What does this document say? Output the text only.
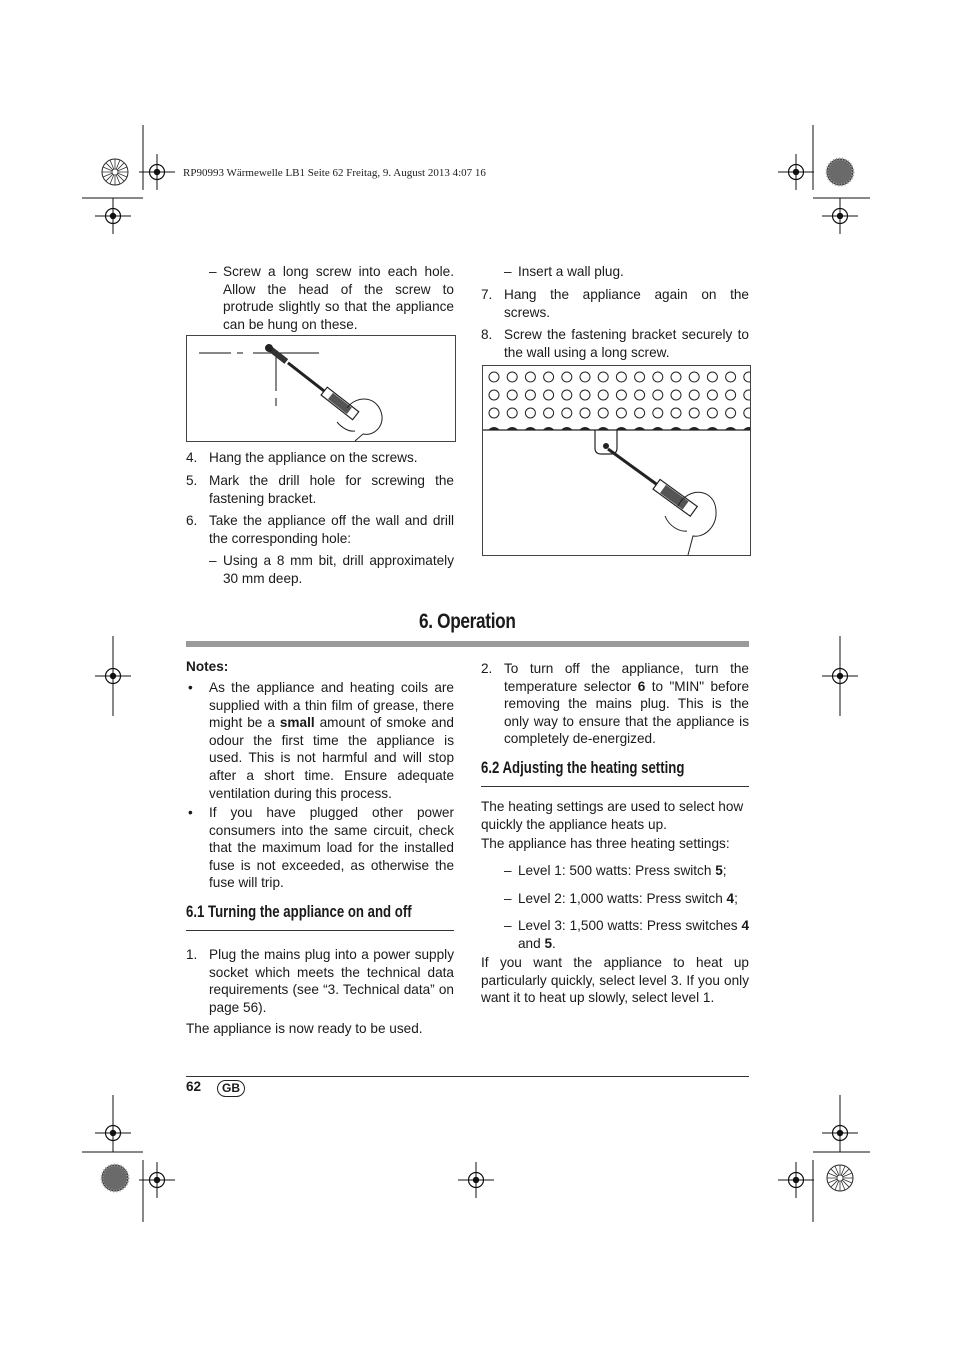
RP90993 Wärmewelle LB1 Seite 62 Freitag, 9. August 2013 4:07 16
– Screw a long screw into each hole. Allow the head of the screw to protrude slightly so that the appliance can be hung on these.
4. Hang the appliance on the screws.
5. Mark the drill hole for screwing the fastening bracket.
6. Take the appliance off the wall and drill the corresponding hole:
– Using a 8 mm bit, drill approximately 30 mm deep.
– Insert a wall plug.
7. Hang the appliance again on the screws.
8. Screw the fastening bracket securely to the wall using a long screw.
6. Operation
Notes:
• As the appliance and heating coils are supplied with a thin film of grease, there might be a small amount of smoke and odour the first time the appliance is used. This is not harmful and will stop after a short time. Ensure adequate ventilation during this process.
• If you have plugged other power consumers into the same circuit, check that the maximum load for the installed fuse is not exceeded, as otherwise the fuse will trip.
6.1 Turning the appliance on and off
1. Plug the mains plug into a power supply socket which meets the technical data requirements (see “3. Technical data” on page 56).
The appliance is now ready to be used.
2. To turn off the appliance, turn the temperature selector 6 to "MIN" before removing the mains plug. This is the only way to ensure that the appliance is completely de-energized.
6.2 Adjusting the heating setting
The heating settings are used to select how quickly the appliance heats up.
The appliance has three heating settings:
– Level 1: 500 watts: Press switch 5;
– Level 2: 1,000 watts: Press switch 4;
– Level 3: 1,500 watts: Press switches 4 and 5.
If you want the appliance to heat up particularly quickly, select level 3. If you only want it to heat up slowly, select level 1.
62	GB
